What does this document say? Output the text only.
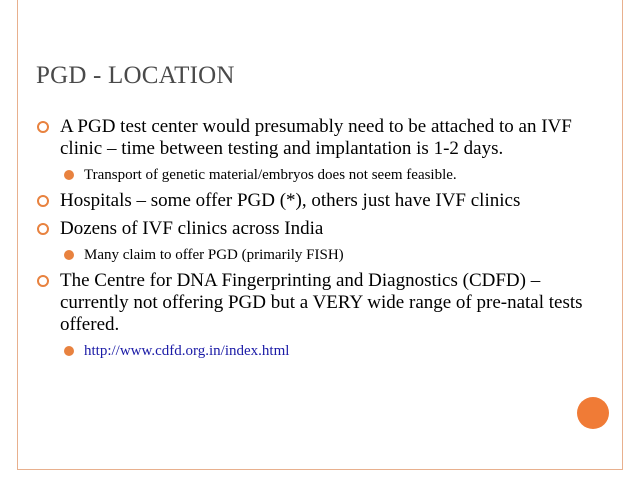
PGD - LOCATION
A PGD test center would presumably need to be attached to an IVF clinic – time between testing and implantation is 1-2 days.
Transport of genetic material/embryos does not seem feasible.
Hospitals – some offer PGD (*), others just have IVF clinics
Dozens of IVF clinics across India
Many claim to offer PGD (primarily FISH)
The Centre for DNA Fingerprinting and Diagnostics (CDFD) – currently not offering PGD but a VERY wide range of pre-natal tests offered.
http://www.cdfd.org.in/index.html
